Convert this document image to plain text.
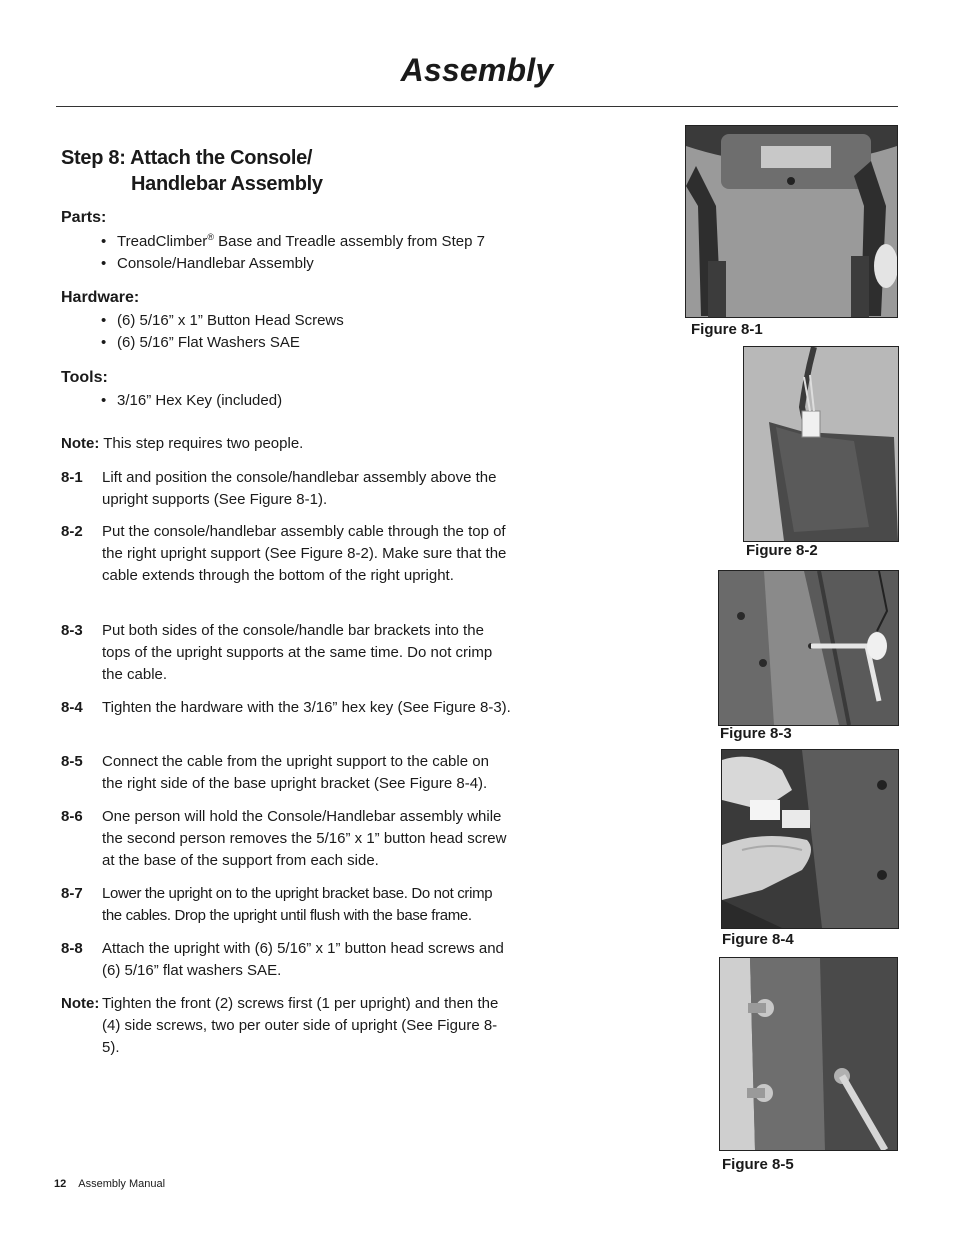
Assembly
Step 8: Attach the Console/
Handlebar Assembly
Parts:
• TreadClimber® Base and Treadle assembly from Step 7
• Console/Handlebar Assembly
Hardware:
• (6) 5/16” x 1” Button Head Screws
• (6) 5/16” Flat Washers SAE
Tools:
• 3/16” Hex Key (included)
Note: This step requires two people.
8-1 Lift and position the console/handlebar assembly above the upright supports (See Figure 8-1).
8-2 Put the console/handlebar assembly cable through the top of the right upright support (See Figure 8-2). Make sure that the cable extends through the bottom of the right upright.
8-3 Put both sides of the console/handle bar brackets into the tops of the upright supports at the same time. Do not crimp the cable.
8-4 Tighten the hardware with the 3/16” hex key (See Figure 8-3).
8-5 Connect the cable from the upright support to the cable on the right side of the base upright bracket (See Figure 8-4).
8-6 One person will hold the Console/Handlebar assembly while the second person removes the 5/16” x 1” button head screw at the base of the support from each side.
8-7 Lower the upright on to the upright bracket base. Do not crimp the cables. Drop the upright until flush with the base frame.
8-8 Attach the upright with (6) 5/16” x 1” button head screws and (6) 5/16” flat washers SAE.
Note: Tighten the front (2) screws first (1 per upright) and then the (4) side screws, two per outer side of upright (See Figure 8-5).
Figure 8-1
Figure 8-2
Figure 8-3
Figure 8-4
Figure 8-5
12 Assembly Manual
